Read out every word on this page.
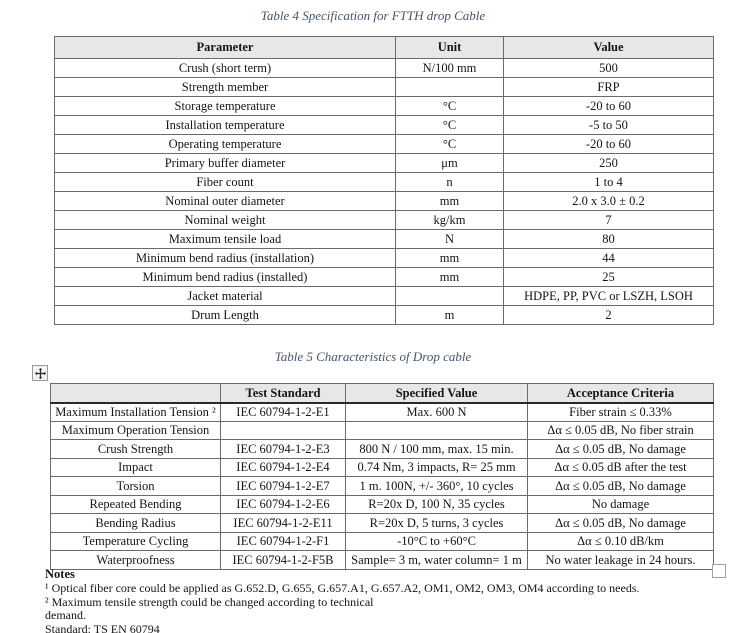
Table 4 Specification for FTTH drop Cable
Parameter	Unit	Value
Crush (short term)	N/100 mm	500
Strength member		FRP
Storage temperature	°C	-20 to 60
Installation temperature	°C	-5 to 50
Operating temperature	°C	-20 to 60
Primary buffer diameter	μm	250
Fiber count	n	1 to 4
Nominal outer diameter	mm	2.0 x 3.0 ± 0.2
Nominal weight	kg/km	7
Maximum tensile load	N	80
Minimum bend radius (installation)	mm	44
Minimum bend radius (installed)	mm	25
Jacket material		HDPE, PP, PVC or LSZH, LSOH
Drum Length	m	2
Table 5 Characteristics of Drop cable
	Test Standard	Specified Value	Acceptance Criteria
Maximum Installation Tension ²	IEC 60794-1-2-E1	Max. 600 N	Fiber strain ≤ 0.33%
Maximum Operation Tension			Δα ≤ 0.05 dB, No fiber strain
Crush Strength	IEC 60794-1-2-E3	800 N / 100 mm, max. 15 min.	Δα ≤ 0.05 dB, No damage
Impact	IEC 60794-1-2-E4	0.74 Nm, 3 impacts, R= 25 mm	Δα ≤ 0.05 dB after the test
Torsion	IEC 60794-1-2-E7	1 m. 100N, +/- 360°, 10 cycles	Δα ≤ 0.05 dB, No damage
Repeated Bending	IEC 60794-1-2-E6	R=20x D, 100 N, 35 cycles	No damage
Bending Radius	IEC 60794-1-2-E11	R=20x D, 5 turns, 3 cycles	Δα ≤ 0.05 dB, No damage
Temperature Cycling	IEC 60794-1-2-F1	-10°C to +60°C	Δα ≤ 0.10 dB/km
Waterproofness	IEC 60794-1-2-F5B	Sample= 3 m, water column= 1 m	No water leakage in 24 hours.
Notes
¹ Optical fiber core could be applied as G.652.D, G.655, G.657.A1, G.657.A2, OM1, OM2, OM3, OM4 according to needs.
² Maximum tensile strength could be changed according to technical
demand.
Standard: TS EN 60794
